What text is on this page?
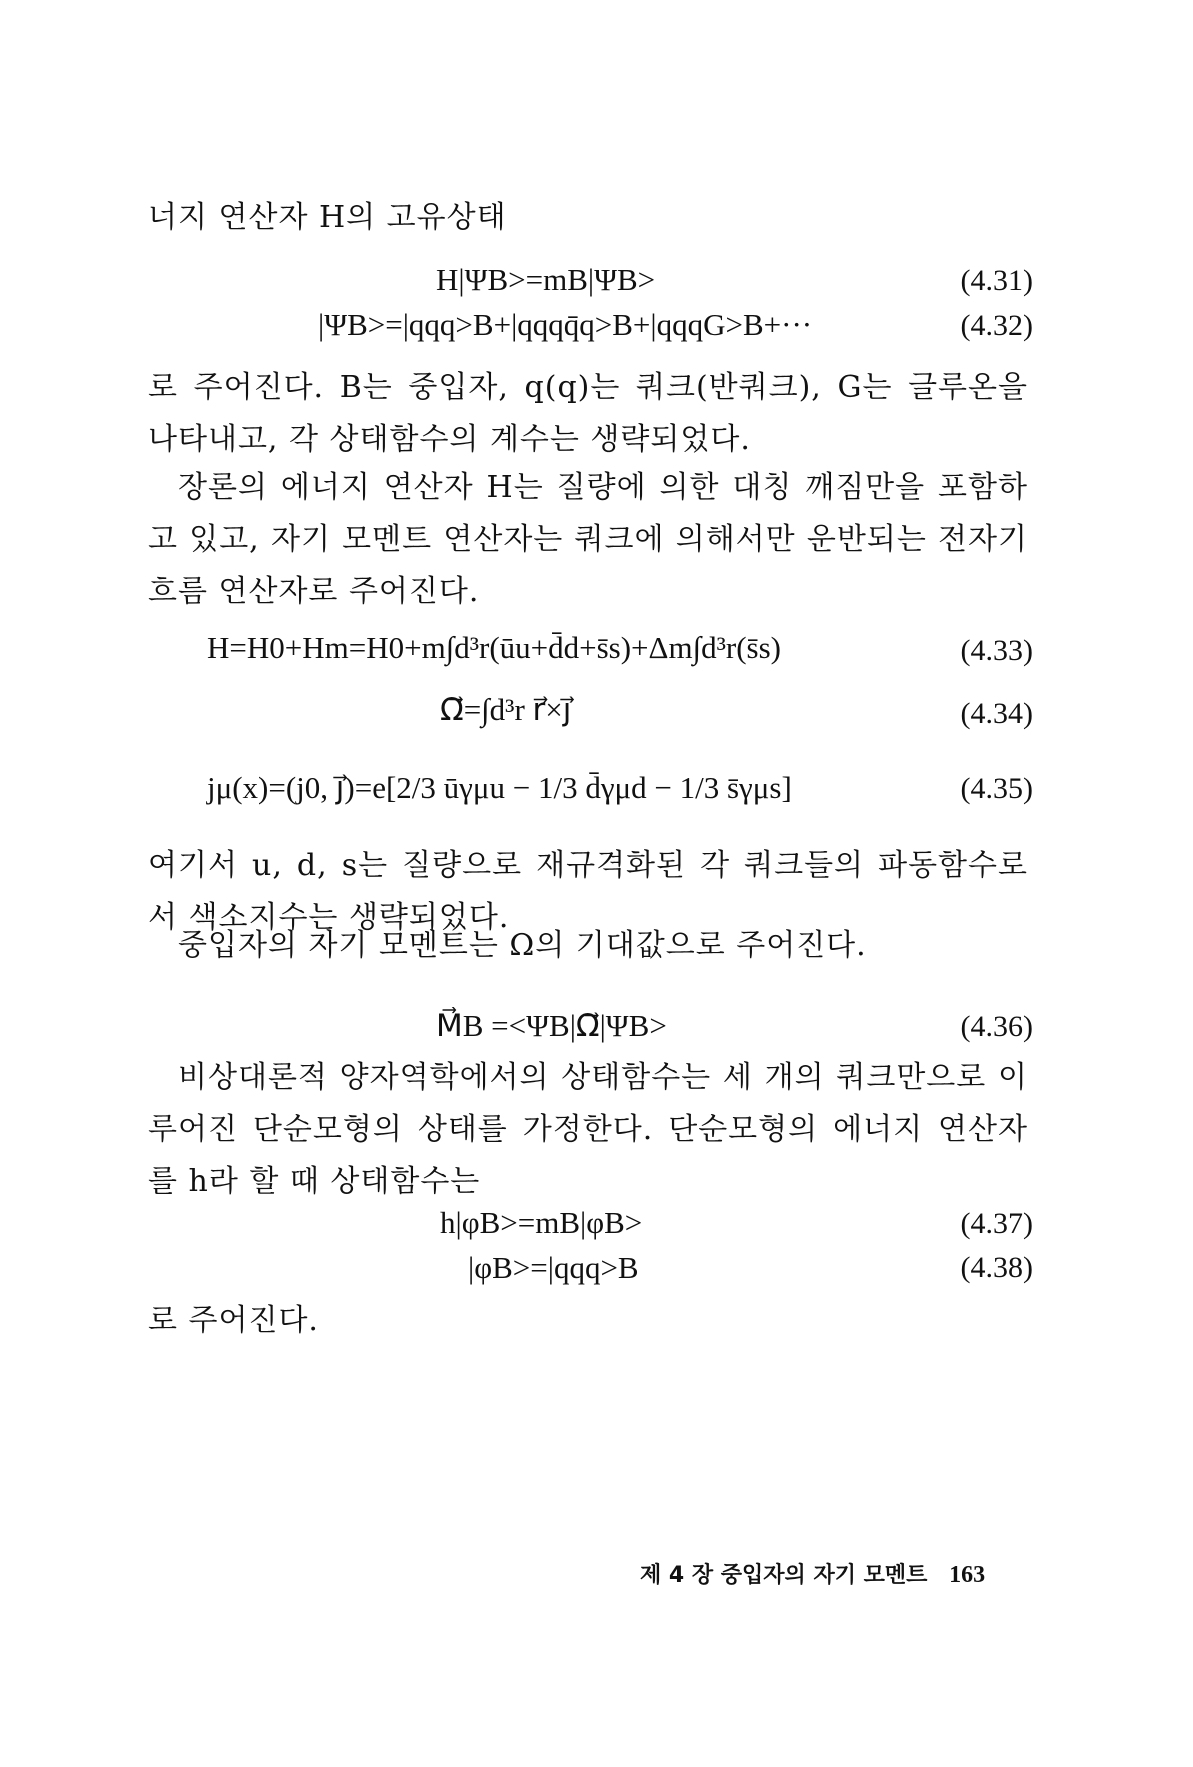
너지 연산자 H의 고유상태
H|ΨB>=mB|ΨB>	(4.31)
|ΨB>=|qqq>B+|qqqq̄q>B+|qqqG>B+···	(4.32)
로 주어진다. B는 중입자, q(q)는 쿼크(반쿼크), G는 글루온을 나타내고, 각 상태함수의 계수는 생략되었다.
장론의 에너지 연산자 H는 질량에 의한 대칭 깨짐만을 포함하고 있고, 자기 모멘트 연산자는 쿼크에 의해서만 운반되는 전자기 흐름 연산자로 주어진다.
H=H0+Hm=H0+m∫d³r(ūu+d̄d+s̄s)+Δm∫d³r(s̄s)	(4.33)
Ω⃗=∫d³r r⃗×j⃗	(4.34)
jμ(x)=(j0, j⃗)=e[2/3 ūγμu − 1/3 d̄γμd − 1/3 s̄γμs]	(4.35)
여기서 u, d, s는 질량으로 재규격화된 각 쿼크들의 파동함수로서 색소지수는 생략되었다.
중입자의 자기 모멘트는 Ω의 기대값으로 주어진다.
M⃗B =<ΨB|Ω⃗|ΨB>	(4.36)
비상대론적 양자역학에서의 상태함수는 세 개의 쿼크만으로 이루어진 단순모형의 상태를 가정한다. 단순모형의 에너지 연산자를 h라 할 때 상태함수는
h|φB>=mB|φB>	(4.37)
|φB>=|qqq>B	(4.38)
로 주어진다.
제 4 장 중입자의 자기 모멘트 163
